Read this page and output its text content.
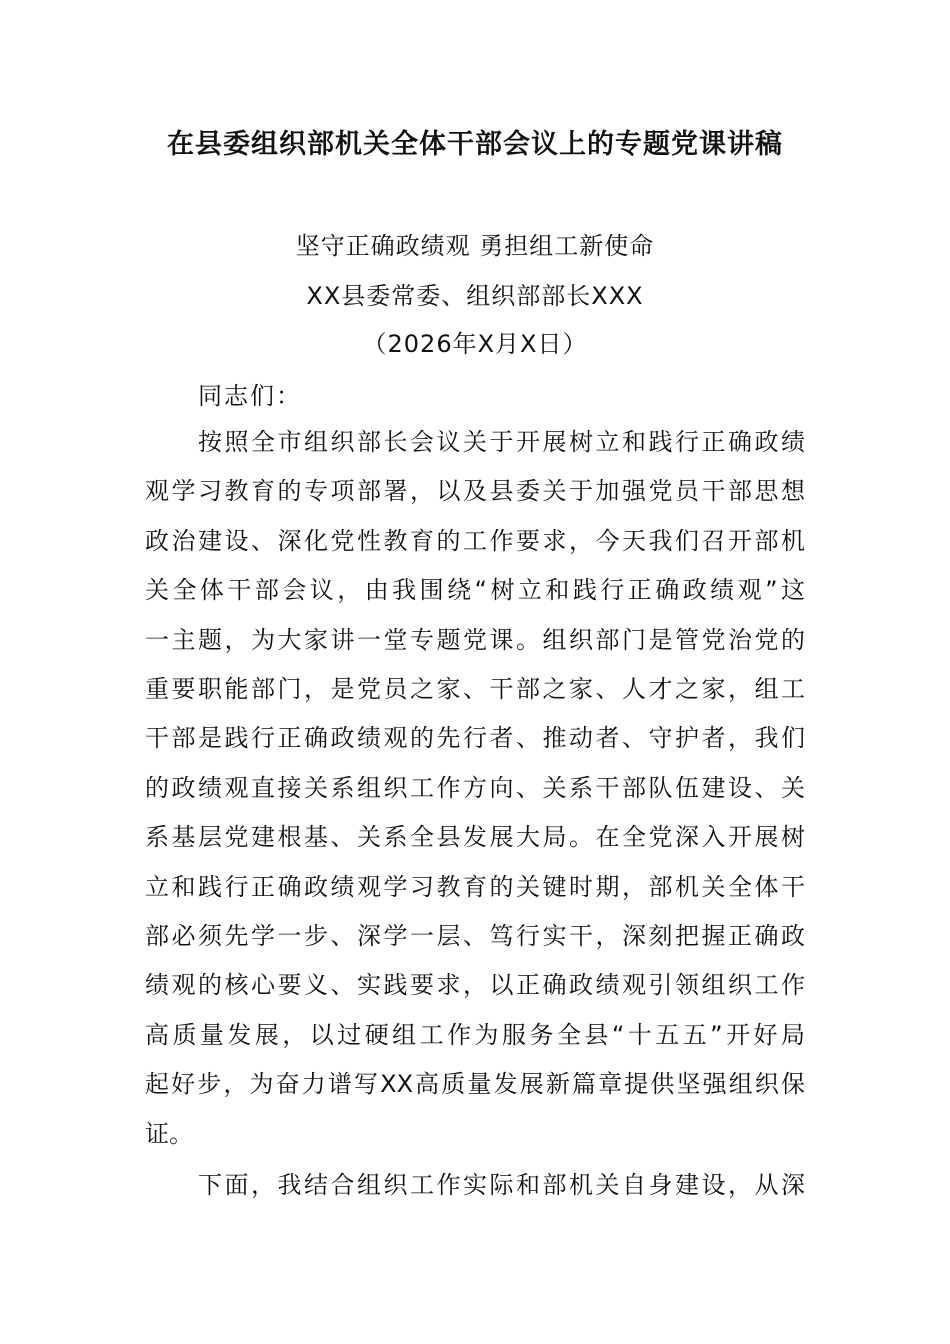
在县委组织部机关全体干部会议上的专题党课讲稿
坚守正确政绩观 勇担组工新使命
XX县委常委、组织部部长XXX
（2026年X月X日）
同志们：
按照全市组织部长会议关于开展树立和践行正确政绩
观学习教育的专项部署，以及县委关于加强党员干部思想
政治建设、深化党性教育的工作要求，今天我们召开部机
关全体干部会议，由我围绕“树立和践行正确政绩观”这
一主题，为大家讲一堂专题党课。组织部门是管党治党的
重要职能部门，是党员之家、干部之家、人才之家，组工
干部是践行正确政绩观的先行者、推动者、守护者，我们
的政绩观直接关系组织工作方向、关系干部队伍建设、关
系基层党建根基、关系全县发展大局。在全党深入开展树
立和践行正确政绩观学习教育的关键时期，部机关全体干
部必须先学一步、深学一层、笃行实干，深刻把握正确政
绩观的核心要义、实践要求，以正确政绩观引领组织工作
高质量发展，以过硬组工作为服务全县“十五五”开好局
起好步，为奋力谱写XX高质量发展新篇章提供坚强组织保
证。
下面，我结合组织工作实际和部机关自身建设，从深
